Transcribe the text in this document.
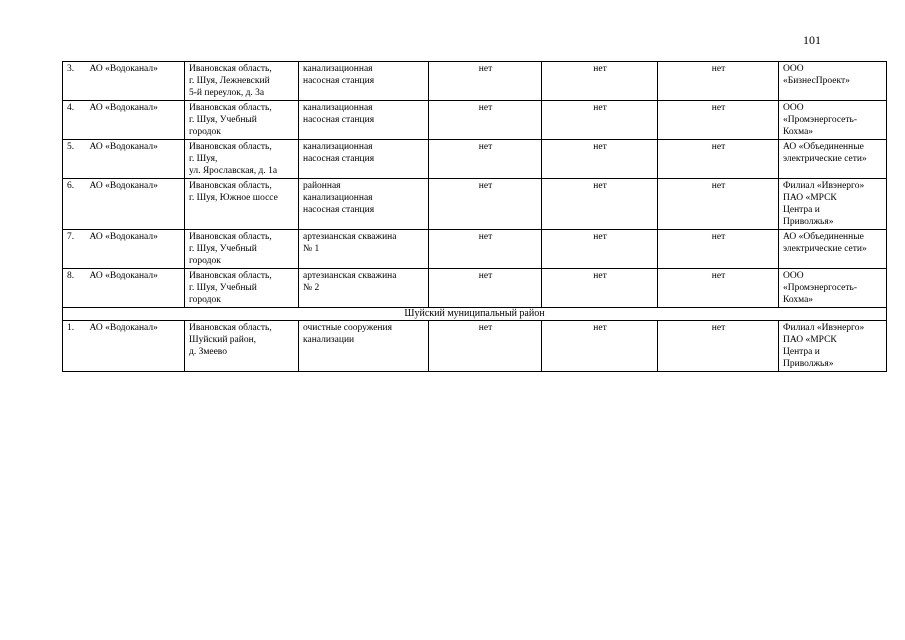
101
3.	АО «Водоканал»	Ивановская область,
г. Шуя, Лежневский
5-й переулок, д. 3а	канализационная
насосная станция	нет	нет	нет	ООО
«БизнесПроект»
4.	АО «Водоканал»	Ивановская область,
г. Шуя, Учебный
городок	канализационная
насосная станция	нет	нет	нет	ООО
«Промэнергосеть-
Кохма»
5.	АО «Водоканал»	Ивановская область,
г. Шуя,
ул. Ярославская, д. 1а	канализационная
насосная станция	нет	нет	нет	АО «Объединенные
электрические сети»
6.	АО «Водоканал»	Ивановская область,
г. Шуя, Южное шоссе	районная
канализационная
насосная станция	нет	нет	нет	Филиал «Ивэнерго»
ПАО «МРСК
Центра и
Приволжья»
7.	АО «Водоканал»	Ивановская область,
г. Шуя, Учебный
городок	артезианская скважина
№ 1	нет	нет	нет	АО «Объединенные
электрические сети»
8.	АО «Водоканал»	Ивановская область,
г. Шуя, Учебный
городок	артезианская скважина
№ 2	нет	нет	нет	ООО
«Промэнергосеть-
Кохма»
Шуйский муниципальный район							
1.	АО «Водоканал»	Ивановская область,
Шуйский район,
д. Змеево	очистные сооружения
канализации	нет	нет	нет	Филиал «Ивэнерго»
ПАО «МРСК
Центра и
Приволжья»
